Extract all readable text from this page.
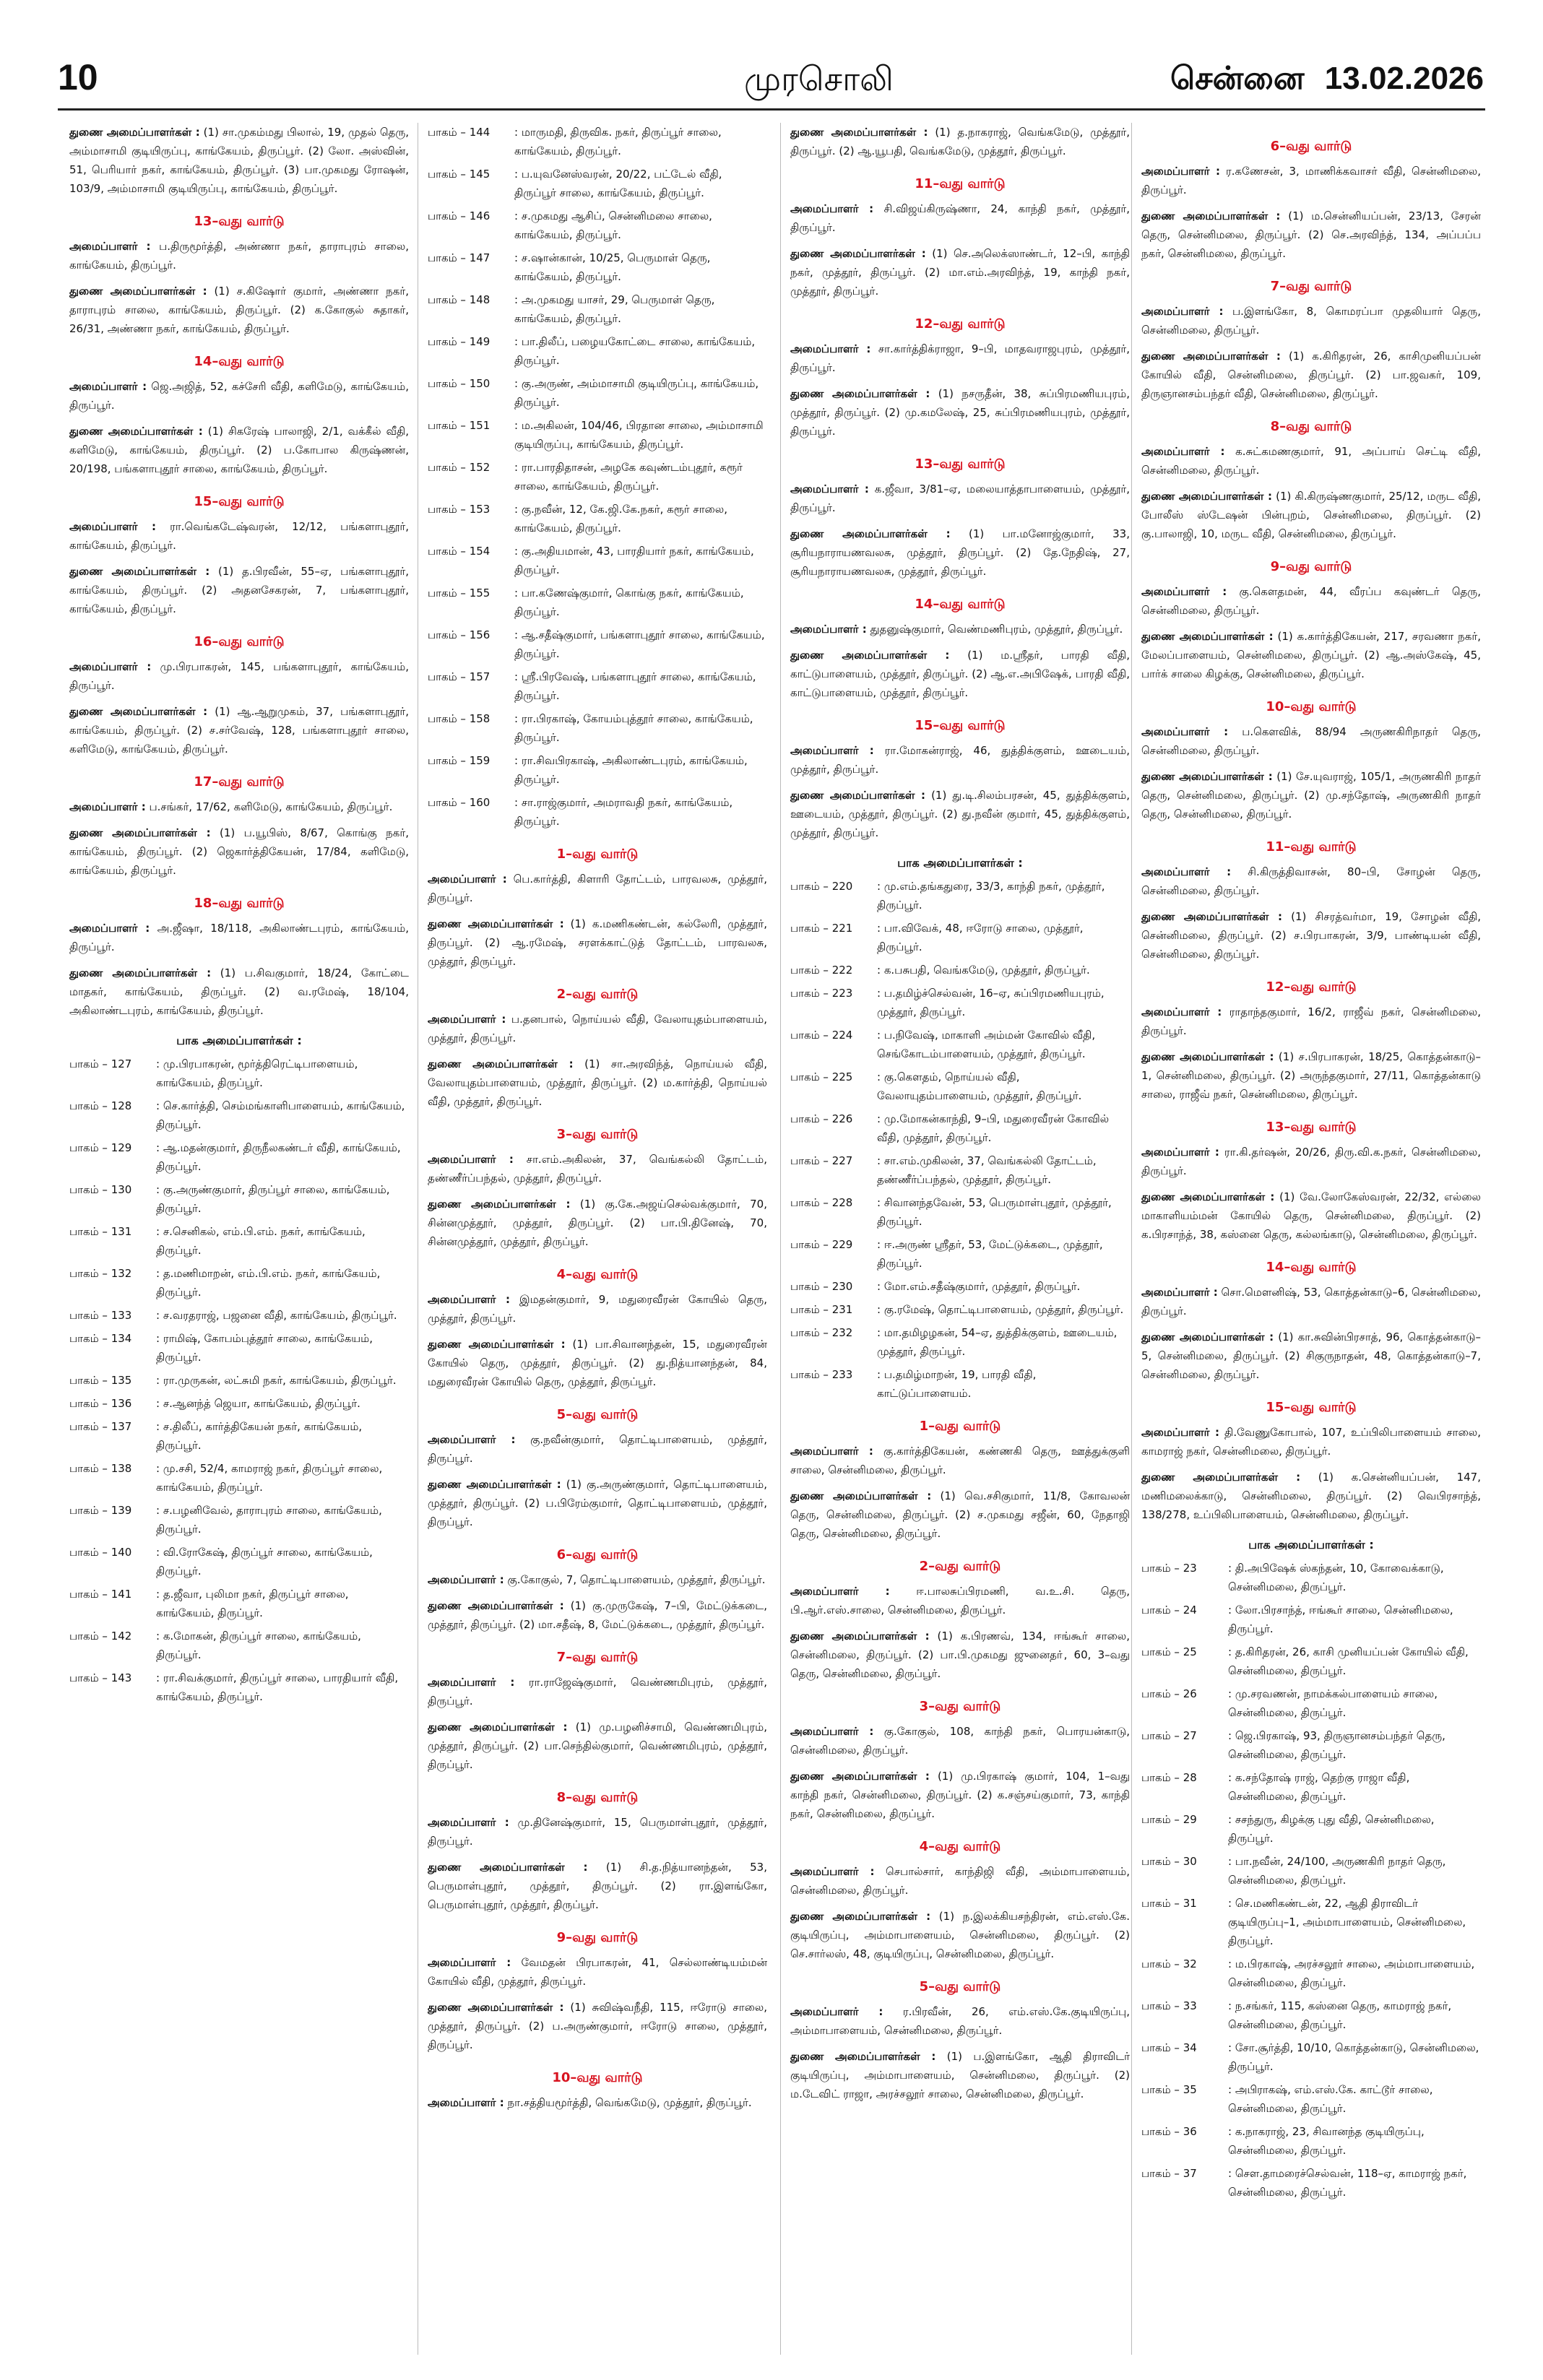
10	முரசொலி	சென்னை 13.02.2026
துணை அமைப்பாளர்கள் : (1) சா.முகம்மது பிலால், 19, முதல் தெரு, அம்மாசாமி குடியிருப்பு, காங்கேயம், திருப்பூர். (2) லோ. அஸ்வின், 51, பெரியார் நகர், காங்கேயம், திருப்பூர். (3) பா.முகமது ரோஷன், 103/9, அம்மாசாமி குடியிருப்பு, காங்கேயம், திருப்பூர்.
13–வது வார்டு
அமைப்பாளர் : ப.திருமூர்த்தி, அண்ணா நகர், தாராபுரம் சாலை, காங்கேயம், திருப்பூர்.
துணை அமைப்பாளர்கள் : (1) ச.கிஷோர் குமார், அண்ணா நகர், தாராபுரம் சாலை, காங்கேயம், திருப்பூர். (2) க.கோகுல் சுதாகர், 26/31, அண்ணா நகர், காங்கேயம், திருப்பூர்.
14–வது வார்டு
அமைப்பாளர் : ஜெ.அஜித், 52, கச்சேரி வீதி, களிமேடு, காங்கேயம், திருப்பூர்.
துணை அமைப்பாளர்கள் : (1) சிகரேஷ் பாலாஜி, 2/1, வக்கீல் வீதி, களிமேடு, காங்கேயம், திருப்பூர். (2) ப.கோபால கிருஷ்ணன், 20/198, பங்களாபுதூர் சாலை, காங்கேயம், திருப்பூர்.
15–வது வார்டு
அமைப்பாளர் : ரா.வெங்கடேஷ்வரன், 12/12, பங்களாபுதூர், காங்கேயம், திருப்பூர்.
துணை அமைப்பாளர்கள் : (1) த.பிரவீன், 55–ஏ, பங்களாபுதூர், காங்கேயம், திருப்பூர். (2) அதனசேகரன், 7, பங்களாபுதூர், காங்கேயம், திருப்பூர்.
16–வது வார்டு
அமைப்பாளர் : மு.பிரபாகரன், 145, பங்களாபுதூர், காங்கேயம், திருப்பூர்.
துணை அமைப்பாளர்கள் : (1) ஆ.ஆறுமுகம், 37, பங்களாபுதூர், காங்கேயம், திருப்பூர். (2) ச.சர்வேஷ், 128, பங்களாபுதூர் சாலை, களிமேடு, காங்கேயம், திருப்பூர்.
17–வது வார்டு
அமைப்பாளர் : ப.சங்கர், 17/62, களிமேடு, காங்கேயம், திருப்பூர்.
துணை அமைப்பாளர்கள் : (1) ப.யூபிஸ், 8/67, கொங்கு நகர், காங்கேயம், திருப்பூர். (2) ஜெகார்த்திகேயன், 17/84, களிமேடு, காங்கேயம், திருப்பூர்.
18–வது வார்டு
அமைப்பாளர் : அ.ஜீஷா, 18/118, அகிலாண்டபுரம், காங்கேயம், திருப்பூர்.
துணை அமைப்பாளர்கள் : (1) ப.சிவகுமார், 18/24, கோட்டை மாதகர், காங்கேயம், திருப்பூர். (2) வ.ரமேஷ், 18/104, அகிலாண்டபுரம், காங்கேயம், திருப்பூர்.
பாக அமைப்பாளர்கள் :
பாகம் – 127	: மு.பிரபாகரன், மூர்த்திரெட்டிபாளையம், காங்கேயம், திருப்பூர்.
பாகம் – 128	: செ.கார்த்தி, செம்மங்காளிபாளையம், காங்கேயம், திருப்பூர்.
பாகம் – 129	: ஆ.மதன்குமார், திருநீலகண்டர் வீதி, காங்கேயம், திருப்பூர்.
பாகம் – 130	: கு.அருண்குமார், திருப்பூர் சாலை, காங்கேயம், திருப்பூர்.
பாகம் – 131	: ச.செனிகல், எம்.பி.எம். நகர், காங்கேயம், திருப்பூர்.
பாகம் – 132	: த.மணிமாறன், எம்.பி.எம். நகர், காங்கேயம், திருப்பூர்.
பாகம் – 133	: ச.வரதராஜ், பஜனை வீதி, காங்கேயம், திருப்பூர்.
பாகம் – 134	: ராமிஷ், கோபம்புத்தூர் சாலை, காங்கேயம், திருப்பூர்.
பாகம் – 135	: ரா.முருகன், லட்சுமி நகர், காங்கேயம், திருப்பூர்.
பாகம் – 136	: ச.ஆனந்த் ஜெயா, காங்கேயம், திருப்பூர்.
பாகம் – 137	: ச.திலீப், கார்த்திகேயன் நகர், காங்கேயம், திருப்பூர்.
பாகம் – 138	: மு.சசி, 52/4, காமராஜ் நகர், திருப்பூர் சாலை, காங்கேயம், திருப்பூர்.
பாகம் – 139	: ச.பழனிவேல், தாராபுரம் சாலை, காங்கேயம், திருப்பூர்.
பாகம் – 140	: வி.ரோகேஷ், திருப்பூர் சாலை, காங்கேயம், திருப்பூர்.
பாகம் – 141	: த.ஜீவா, புலிமா நகர், திருப்பூர் சாலை, காங்கேயம், திருப்பூர்.
பாகம் – 142	: க.மோகன், திருப்பூர் சாலை, காங்கேயம், திருப்பூர்.
பாகம் – 143	: ரா.சிவக்குமார், திருப்பூர் சாலை, பாரதியார் வீதி, காங்கேயம், திருப்பூர்.
பாகம் – 144	: மாருமதி, திருவிக. நகர், திருப்பூர் சாலை, காங்கேயம், திருப்பூர்.
பாகம் – 145	: ப.யுவனேஸ்வரன், 20/22, பட்டேல் வீதி, திருப்பூர் சாலை, காங்கேயம், திருப்பூர்.
பாகம் – 146	: ச.முகமது ஆசிப், சென்னிமலை சாலை, காங்கேயம், திருப்பூர்.
பாகம் – 147	: ச.ஷான்கான், 10/25, பெருமாள் தெரு, காங்கேயம், திருப்பூர்.
பாகம் – 148	: அ.முகமது யாசர், 29, பெருமாள் தெரு, காங்கேயம், திருப்பூர்.
பாகம் – 149	: பா.திலீப், பழையகோட்டை சாலை, காங்கேயம், திருப்பூர்.
பாகம் – 150	: கு.அருண், அம்மாசாமி குடியிருப்பு, காங்கேயம், திருப்பூர்.
பாகம் – 151	: ம.அகிலன், 104/46, பிரதான சாலை, அம்மாசாமி குடியிருப்பு, காங்கேயம், திருப்பூர்.
பாகம் – 152	: ரா.பாரதிதாசன், அழகே கவுண்டம்புதூர், கரூர் சாலை, காங்கேயம், திருப்பூர்.
பாகம் – 153	: கு.நவீன், 12, கே.ஜி.கே.நகர், கரூர் சாலை, காங்கேயம், திருப்பூர்.
பாகம் – 154	: கு.அதியமான், 43, பாரதியார் நகர், காங்கேயம், திருப்பூர்.
பாகம் – 155	: பா.கணேஷ்குமார், கொங்கு நகர், காங்கேயம், திருப்பூர்.
பாகம் – 156	: ஆ.சதீஷ்குமார், பங்களாபுதூர் சாலை, காங்கேயம், திருப்பூர்.
பாகம் – 157	: ஸ்ரீ.பிரவேஷ், பங்களாபுதூர் சாலை, காங்கேயம், திருப்பூர்.
பாகம் – 158	: ரா.பிரகாஷ், கோயம்புத்தூர் சாலை, காங்கேயம், திருப்பூர்.
பாகம் – 159	: ரா.சிவபிரகாஷ், அகிலாண்டபுரம், காங்கேயம், திருப்பூர்.
பாகம் – 160	: சா.ராஜ்குமார், அமராவதி நகர், காங்கேயம், திருப்பூர்.
1–வது வார்டு
அமைப்பாளர் : பெ.கார்த்தி, கிளாரி தோட்டம், பாரவலசு, முத்தூர், திருப்பூர்.
துணை அமைப்பாளர்கள் : (1) க.மணிகண்டன், கல்லேரி, முத்தூர், திருப்பூர். (2) ஆ.ரமேஷ், சரளக்காட்டுத் தோட்டம், பாரவலசு, முத்தூர், திருப்பூர்.
2–வது வார்டு
அமைப்பாளர் : ப.தனபால், நொய்யல் வீதி, வேலாயுதம்பாளையம், முத்தூர், திருப்பூர்.
துணை அமைப்பாளர்கள் : (1) சா.அரவிந்த், நொய்யல் வீதி, வேலாயுதம்பாளையம், முத்தூர், திருப்பூர். (2) ம.கார்த்தி, நொய்யல் வீதி, முத்தூர், திருப்பூர்.
3–வது வார்டு
அமைப்பாளர் : சா.எம்.அகிலன், 37, வெங்கல்லி தோட்டம், தண்ணீர்ப்பந்தல், முத்தூர், திருப்பூர்.
துணை அமைப்பாளர்கள் : (1) கு.கே.அஜய்செல்வக்குமார், 70, சின்னமுத்தூர், முத்தூர், திருப்பூர். (2) பா.பி.தினேஷ், 70, சின்னமுத்தூர், முத்தூர், திருப்பூர்.
4–வது வார்டு
அமைப்பாளர் : இமதன்குமார், 9, மதுரைவீரன் கோயில் தெரு, முத்தூர், திருப்பூர்.
துணை அமைப்பாளர்கள் : (1) பா.சிவானந்தன், 15, மதுரைவீரன் கோயில் தெரு, முத்தூர், திருப்பூர். (2) து.நித்யானந்தன், 84, மதுரைவீரன் கோயில் தெரு, முத்தூர், திருப்பூர்.
5–வது வார்டு
அமைப்பாளர் : கு.நவீன்குமார், தொட்டிபாளையம், முத்தூர், திருப்பூர்.
துணை அமைப்பாளர்கள் : (1) கு.அருண்குமார், தொட்டிபாளையம், முத்தூர், திருப்பூர். (2) ப.பிரேம்குமார், தொட்டிபாளையம், முத்தூர், திருப்பூர்.
6–வது வார்டு
அமைப்பாளர் : கு.கோகுல், 7, தொட்டிபாளையம், முத்தூர், திருப்பூர்.
துணை அமைப்பாளர்கள் : (1) கு.முருகேஷ், 7–பி, மேட்டுக்கடை, முத்தூர், திருப்பூர். (2) மா.சதீஷ், 8, மேட்டுக்கடை, முத்தூர், திருப்பூர்.
7–வது வார்டு
அமைப்பாளர் : ரா.ராஜேஷ்குமார், வெண்ணமிபுரம், முத்தூர், திருப்பூர்.
துணை அமைப்பாளர்கள் : (1) மு.பழனிச்சாமி, வெண்ணமிபுரம், முத்தூர், திருப்பூர். (2) பா.செந்தில்குமார், வெண்ணமிபுரம், முத்தூர், திருப்பூர்.
8–வது வார்டு
அமைப்பாளர் : மு.தினேஷ்குமார், 15, பெருமாள்புதூர், முத்தூர், திருப்பூர்.
துணை அமைப்பாளர்கள் : (1) சி.த.நித்யானந்தன், 53, பெருமாள்புதூர், முத்தூர், திருப்பூர். (2) ரா.இளங்கோ, பெருமாள்புதூர், முத்தூர், திருப்பூர்.
9–வது வார்டு
அமைப்பாளர் : வேமதன் பிரபாகரன், 41, செல்லாண்டியம்மன் கோயில் வீதி, முத்தூர், திருப்பூர்.
துணை அமைப்பாளர்கள் : (1) சுவிஷ்வநீதி, 115, ஈரோடு சாலை, முத்தூர், திருப்பூர். (2) ப.அருண்குமார், ஈரோடு சாலை, முத்தூர், திருப்பூர்.
10–வது வார்டு
அமைப்பாளர் : நா.சத்தியமூர்த்தி, வெங்கமேடு, முத்தூர், திருப்பூர்.
துணை அமைப்பாளர்கள் : (1) த.நாகராஜ், வெங்கமேடு, முத்தூர், திருப்பூர். (2) ஆ.யூபதி, வெங்கமேடு, முத்தூர், திருப்பூர்.
11–வது வார்டு
அமைப்பாளர் : சி.விஜய்கிருஷ்ணா, 24, காந்தி நகர், முத்தூர், திருப்பூர்.
துணை அமைப்பாளர்கள் : (1) செ.அலெக்ஸாண்டர், 12–பி, காந்தி நகர், முத்தூர், திருப்பூர். (2) மா.எம்.அரவிந்த், 19, காந்தி நகர், முத்தூர், திருப்பூர்.
12–வது வார்டு
அமைப்பாளர் : சா.கார்த்திக்ராஜா, 9–பி, மாதவராஜபுரம், முத்தூர், திருப்பூர்.
துணை அமைப்பாளர்கள் : (1) நசருதீன், 38, சுப்பிரமணியபுரம், முத்தூர், திருப்பூர். (2) மு.கமலேஷ், 25, சுப்பிரமணியபுரம், முத்தூர், திருப்பூர்.
13–வது வார்டு
அமைப்பாளர் : க.ஜீவா, 3/81–ஏ, மலையாத்தாபாளையம், முத்தூர், திருப்பூர்.
துணை அமைப்பாளர்கள் : (1) பா.மனோஜ்குமார், 33, சூரியநாராயணவலசு, முத்தூர், திருப்பூர். (2) தே.நேதிஷ், 27, சூரியநாராயணவலசு, முத்தூர், திருப்பூர்.
14–வது வார்டு
அமைப்பாளர் : துதனுஷ்குமார், வெண்மணிபுரம், முத்தூர், திருப்பூர்.
துணை அமைப்பாளர்கள் : (1) ம.ஸ்ரீதர், பாரதி வீதி, காட்டுபாளையம், முத்தூர், திருப்பூர். (2) ஆ.எ.அபிஷேக், பாரதி வீதி, காட்டுபாளையம், முத்தூர், திருப்பூர்.
15–வது வார்டு
அமைப்பாளர் : ரா.மோகன்ராஜ், 46, துத்திக்குளம், ஊடையம், முத்தூர், திருப்பூர்.
துணை அமைப்பாளர்கள் : (1) து.டி.சிலம்பரசன், 45, துத்திக்குளம், ஊடையம், முத்தூர், திருப்பூர். (2) து.நவீன் குமார், 45, துத்திக்குளம், முத்தூர், திருப்பூர்.
பாக அமைப்பாளர்கள் :
பாகம் – 220	: மு.எம்.தங்கதுரை, 33/3, காந்தி நகர், முத்தூர், திருப்பூர்.
பாகம் – 221	: பா.விவேக், 48, ஈரோடு சாலை, முத்தூர், திருப்பூர்.
பாகம் – 222	: க.பசுபதி, வெங்கமேடு, முத்தூர், திருப்பூர்.
பாகம் – 223	: ப.தமிழ்ச்செல்வன், 16–ஏ, சுப்பிரமணியபுரம், முத்தூர், திருப்பூர்.
பாகம் – 224	: ப.நிவேஷ், மாகாளி அம்மன் கோவில் வீதி, செங்கோடம்பாளையம், முத்தூர், திருப்பூர்.
பாகம் – 225	: கு.கௌதம், நொய்யல் வீதி, வேலாயுதம்பாளையம், முத்தூர், திருப்பூர்.
பாகம் – 226	: மு.மோகன்காந்தி, 9–பி, மதுரைவீரன் கோவில் வீதி, முத்தூர், திருப்பூர்.
பாகம் – 227	: சா.எம்.முகிலன், 37, வெங்கல்லி தோட்டம், தண்ணீர்ப்பந்தல், முத்தூர், திருப்பூர்.
பாகம் – 228	: சிவானந்தவேன், 53, பெருமாள்புதூர், முத்தூர், திருப்பூர்.
பாகம் – 229	: ஈ.அருண் ஸ்ரீதர், 53, மேட்டுக்கடை, முத்தூர், திருப்பூர்.
பாகம் – 230	: மோ.எம்.சதீஷ்குமார், முத்தூர், திருப்பூர்.
பாகம் – 231	: கு.ரமேஷ், தொட்டிபாளையம், முத்தூர், திருப்பூர்.
பாகம் – 232	: மா.தமிழழகன், 54–ஏ, துத்திக்குளம், ஊடையம், முத்தூர், திருப்பூர்.
பாகம் – 233	: ப.தமிழ்மாறன், 19, பாரதி வீதி, காட்டுப்பாளையம்.
1–வது வார்டு
அமைப்பாளர் : கு.கார்த்திகேயன், கண்ணகி தெரு, ஊத்துக்குளி சாலை, சென்னிமலை, திருப்பூர்.
துணை அமைப்பாளர்கள் : (1) வெ.சசிகுமார், 11/8, கோவலன் தெரு, சென்னிமலை, திருப்பூர். (2) ச.முகமது சஜீன், 60, நேதாஜி தெரு, சென்னிமலை, திருப்பூர்.
2–வது வார்டு
அமைப்பாளர் : ஈ.பாலசுப்பிரமணி, வ.உ.சி. தெரு, பி.ஆர்.எஸ்.சாலை, சென்னிமலை, திருப்பூர்.
துணை அமைப்பாளர்கள் : (1) க.பிரணவ், 134, ஈங்கூர் சாலை, சென்னிமலை, திருப்பூர். (2) பா.பி.முகமது ஜுனைதா், 60, 3–வது தெரு, சென்னிமலை, திருப்பூர்.
3–வது வார்டு
அமைப்பாளர் : கு.கோகுல், 108, காந்தி நகர், பொரயன்காடு, சென்னிமலை, திருப்பூர்.
துணை அமைப்பாளர்கள் : (1) மு.பிரகாஷ் குமார், 104, 1–வது காந்தி நகர், சென்னிமலை, திருப்பூர். (2) க.சஞ்சய்குமார், 73, காந்தி நகர், சென்னிமலை, திருப்பூர்.
4–வது வார்டு
அமைப்பாளர் : செபால்சார், காந்திஜி வீதி, அம்மாபாளையம், சென்னிமலை, திருப்பூர்.
துணை அமைப்பாளர்கள் : (1) ந.இலக்கியசந்திரன், எம்.எஸ்.கே. குடியிருப்பு, அம்மாபாளையம், சென்னிமலை, திருப்பூர். (2) செ.சார்லஸ், 48, குடியிருப்பு, சென்னிமலை, திருப்பூர்.
5–வது வார்டு
அமைப்பாளர் : ர.பிரவீன், 26, எம்.எஸ்.கே.குடியிருப்பு, அம்மாபாளையம், சென்னிமலை, திருப்பூர்.
துணை அமைப்பாளர்கள் : (1) ப.இளங்கோ, ஆதி திராவிடர் குடியிருப்பு, அம்மாபாளையம், சென்னிமலை, திருப்பூர். (2) ம.டேவிட் ராஜா, அரச்சலூர் சாலை, சென்னிமலை, திருப்பூர்.
6–வது வார்டு
அமைப்பாளர் : ர.கணேசன், 3, மாணிக்கவாசர் வீதி, சென்னிமலை, திருப்பூர்.
துணை அமைப்பாளர்கள் : (1) ம.சென்னியப்பன், 23/13, சேரன் தெரு, சென்னிமலை, திருப்பூர். (2) செ.அரவிந்த், 134, அப்பப்ப நகர், சென்னிமலை, திருப்பூர்.
7–வது வார்டு
அமைப்பாளர் : ப.இளங்கோ, 8, கொமரப்பா முதலியார் தெரு, சென்னிமலை, திருப்பூர்.
துணை அமைப்பாளர்கள் : (1) க.கிரிதரன், 26, காசிமுனியப்பன் கோயில் வீதி, சென்னிமலை, திருப்பூர். (2) பா.ஜவகர், 109, திருஞானசம்பந்தர் வீதி, சென்னிமலை, திருப்பூர்.
8–வது வார்டு
அமைப்பாளர் : க.சுட்கமணகுமார், 91, அப்பாய் செட்டி வீதி, சென்னிமலை, திருப்பூர்.
துணை அமைப்பாளர்கள் : (1) கி.கிருஷ்ணகுமார், 25/12, மருட வீதி, போலீஸ் ஸ்டேஷன் பின்புறம், சென்னிமலை, திருப்பூர். (2) கு.பாலாஜி, 10, மருட வீதி, சென்னிமலை, திருப்பூர்.
9–வது வார்டு
அமைப்பாளர் : கு.கௌதமன், 44, வீரப்ப கவுண்டர் தெரு, சென்னிமலை, திருப்பூர்.
துணை அமைப்பாளர்கள் : (1) க.கார்த்திகேயன், 217, சரவணா நகர், மேலப்பாளையம், சென்னிமலை, திருப்பூர். (2) ஆ.அஸ்கேஷ், 45, பார்க் சாலை கிழக்கு, சென்னிமலை, திருப்பூர்.
10–வது வார்டு
அமைப்பாளர் : ப.கௌவிக், 88/94 அருணகிரிநாதர் தெரு, சென்னிமலை, திருப்பூர்.
துணை அமைப்பாளர்கள் : (1) சே.யுவராஜ், 105/1, அருணகிரி நாதர் தெரு, சென்னிமலை, திருப்பூர். (2) மு.சந்தோஷ், அருணகிரி நாதர் தெரு, சென்னிமலை, திருப்பூர்.
11–வது வார்டு
அமைப்பாளர் : சி.கிருத்திவாசன், 80–பி, சோழன் தெரு, சென்னிமலை, திருப்பூர்.
துணை அமைப்பாளர்கள் : (1) சிசரத்வர்மா, 19, சோழன் வீதி, சென்னிமலை, திருப்பூர். (2) ச.பிரபாகரன், 3/9, பாண்டியன் வீதி, சென்னிமலை, திருப்பூர்.
12–வது வார்டு
அமைப்பாளர் : ராதாந்தகுமார், 16/2, ராஜீவ் நகர், சென்னிமலை, திருப்பூர்.
துணை அமைப்பாளர்கள் : (1) ச.பிரபாகரன், 18/25, கொத்தன்காடு–1, சென்னிமலை, திருப்பூர். (2) அருந்தகுமார், 27/11, கொத்தன்காடு சாலை, ராஜீவ் நகர், சென்னிமலை, திருப்பூர்.
13–வது வார்டு
அமைப்பாளர் : ரா.கி.தர்ஷன், 20/26, திரு.வி.க.நகர், சென்னிமலை, திருப்பூர்.
துணை அமைப்பாளர்கள் : (1) வே.லோகேஸ்வரன், 22/32, எல்லை மாகாளியம்மன் கோயில் தெரு, சென்னிமலை, திருப்பூர். (2) க.பிரசாந்த், 38, கஸ்னை தெரு, கல்லங்காடு, சென்னிமலை, திருப்பூர்.
14–வது வார்டு
அமைப்பாளர் : சொ.மௌனிஷ், 53, கொத்தன்காடு–6, சென்னிமலை, திருப்பூர்.
துணை அமைப்பாளர்கள் : (1) கா.சுவின்பிரசாத், 96, கொத்தன்காடு–5, சென்னிமலை, திருப்பூர். (2) சிகுருநாதன், 48, கொத்தன்காடு–7, சென்னிமலை, திருப்பூர்.
15–வது வார்டு
அமைப்பாளர் : தி.வேணுகோபால், 107, உப்பிலிபாளையம் சாலை, காமராஜ் நகர், சென்னிமலை, திருப்பூர்.
துணை அமைப்பாளர்கள் : (1) க.சென்னியப்பன், 147, மணிமலைக்காடு, சென்னிமலை, திருப்பூர். (2) வெபிரசாந்த், 138/278, உப்பிலிபாளையம், சென்னிமலை, திருப்பூர்.
பாக அமைப்பாளர்கள் :
பாகம் – 23	: தி.அபிஷேக் ஸ்கந்தன், 10, கோவைக்காடு, சென்னிமலை, திருப்பூர்.
பாகம் – 24	: லோ.பிரசாந்த், ஈங்கூர் சாலை, சென்னிமலை, திருப்பூர்.
பாகம் – 25	: த.கிரிதரன், 26, காசி முனியப்பன் கோயில் வீதி, சென்னிமலை, திருப்பூர்.
பாகம் – 26	: மு.சரவணன், நாமக்கல்பாளையம் சாலை, சென்னிமலை, திருப்பூர்.
பாகம் – 27	: ஜெ.பிரகாஷ், 93, திருஞானசம்பந்தர் தெரு, சென்னிமலை, திருப்பூர்.
பாகம் – 28	: க.சந்தோஷ் ராஜ், தெற்கு ராஜா வீதி, சென்னிமலை, திருப்பூர்.
பாகம் – 29	: சசந்துரு, கிழக்கு புது வீதி, சென்னிமலை, திருப்பூர்.
பாகம் – 30	: பா.நவீன், 24/100, அருணகிரி நாதர் தெரு, சென்னிமலை, திருப்பூர்.
பாகம் – 31	: செ.மணிகண்டன், 22, ஆதி திராவிடர் குடியிருப்பு–1, அம்மாபாளையம், சென்னிமலை, திருப்பூர்.
பாகம் – 32	: ம.பிரகாஷ், அரச்சலூர் சாலை, அம்மாபாளையம், சென்னிமலை, திருப்பூர்.
பாகம் – 33	: ந.சங்கர், 115, கஸ்னை தெரு, காமராஜ் நகர், சென்னிமலை, திருப்பூர்.
பாகம் – 34	: சோ.சூர்த்தி, 10/10, கொத்தன்காடு, சென்னிமலை, திருப்பூர்.
பாகம் – 35	: அபிராகஷ், எம்.எஸ்.கே. காட்டூர் சாலை, சென்னிமலை, திருப்பூர்.
பாகம் – 36	: க.நாகராஜ், 23, சிவானந்த குடியிருப்பு, சென்னிமலை, திருப்பூர்.
பாகம் – 37	: சௌ.தாமரைச்செல்வன், 118–ஏ, காமராஜ் நகர், சென்னிமலை, திருப்பூர்.
